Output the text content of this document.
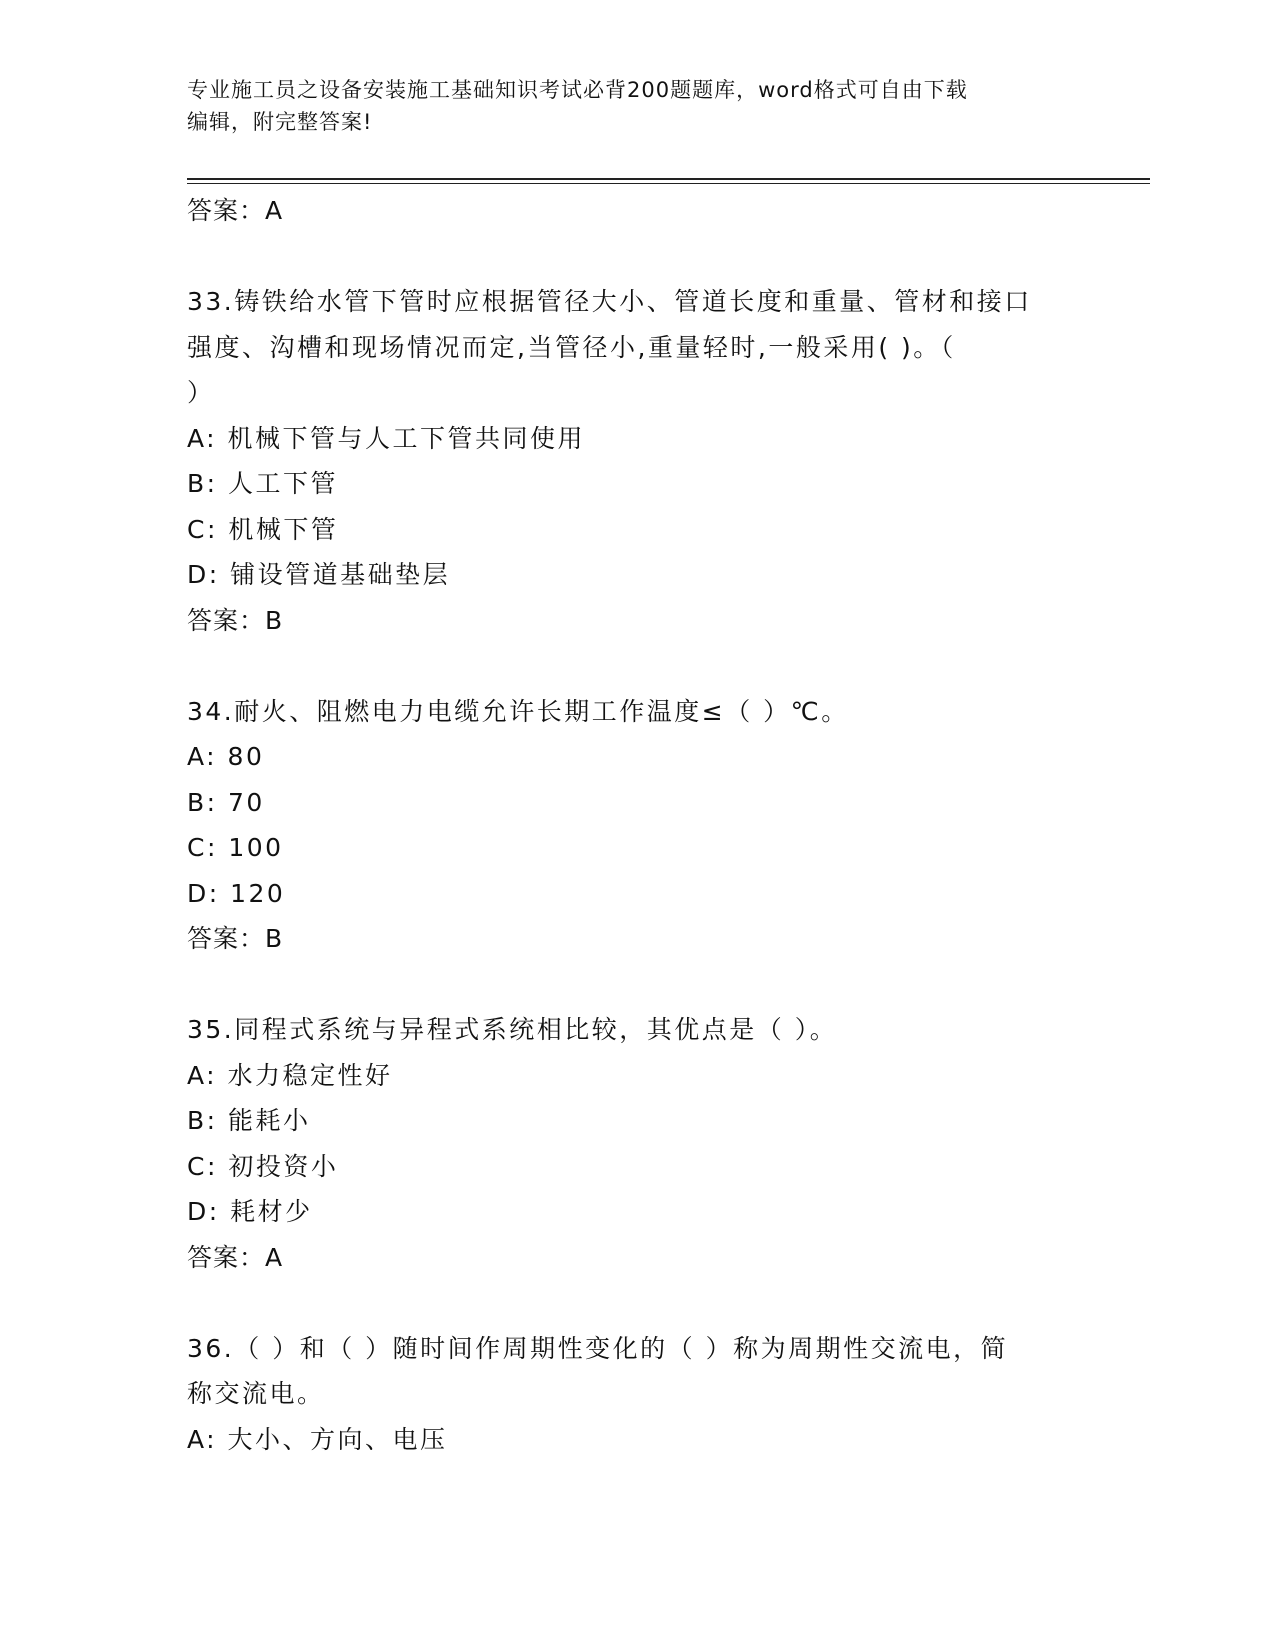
专业施工员之设备安装施工基础知识考试必背200题题库，word格式可自由下载
编辑，附完整答案!
答案：A
33.铸铁给水管下管时应根据管径大小、管道长度和重量、管材和接口
强度、沟槽和现场情况而定,当管径小,重量轻时,一般采用( )。（
）
A: 机械下管与人工下管共同使用
B: 人工下管
C: 机械下管
D: 铺设管道基础垫层
答案：B
34.耐火、阻燃电力电缆允许长期工作温度≤（ ）℃。
A: 80
B: 70
C: 100
D: 120
答案：B
35.同程式系统与异程式系统相比较，其优点是（ ）。
A: 水力稳定性好
B: 能耗小
C: 初投资小
D: 耗材少
答案：A
36.（ ）和（ ）随时间作周期性变化的（ ）称为周期性交流电，简
称交流电。
A: 大小、方向、电压
